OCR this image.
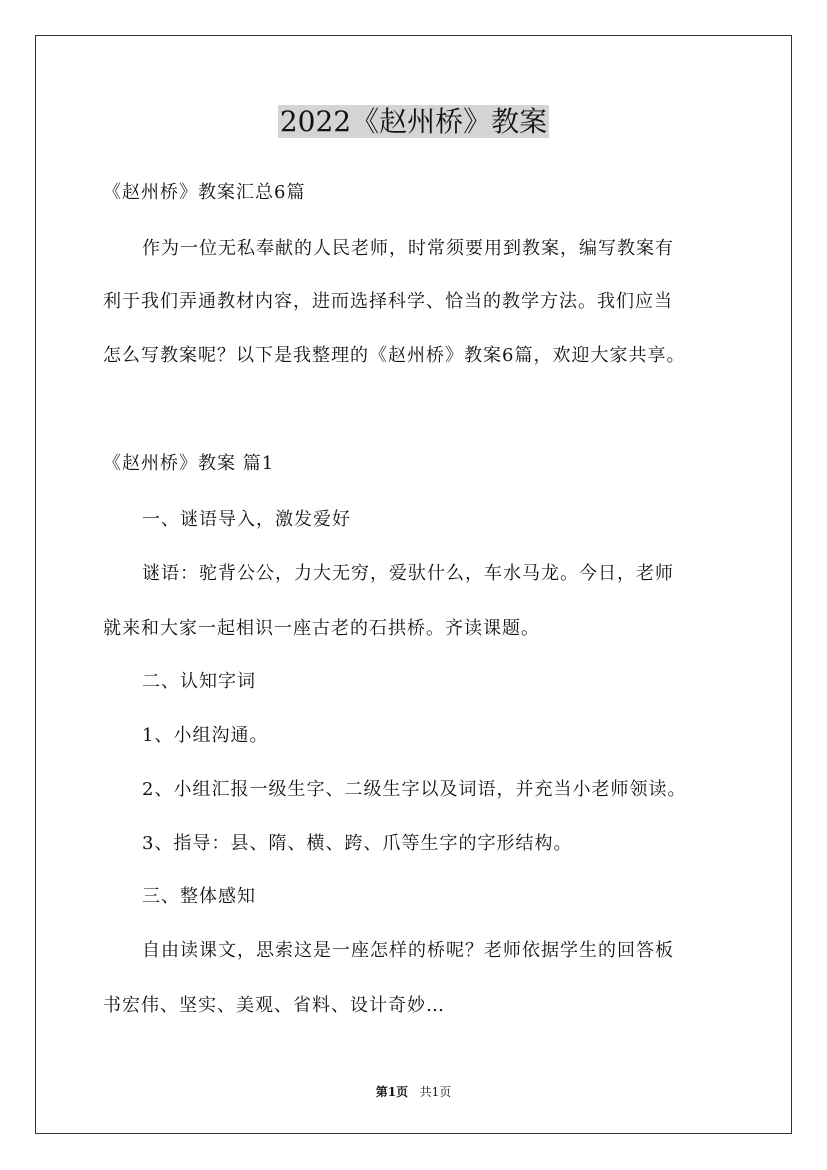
2022《赵州桥》教案
《赵州桥》教案汇总6篇
作为一位无私奉献的人民老师，时常须要用到教案，编写教案有
利于我们弄通教材内容，进而选择科学、恰当的教学方法。我们应当
怎么写教案呢？以下是我整理的《赵州桥》教案6篇，欢迎大家共享。
《赵州桥》教案 篇1
一、谜语导入，激发爱好
谜语：驼背公公，力大无穷，爱驮什么，车水马龙。今日，老师
就来和大家一起相识一座古老的石拱桥。齐读课题。
二、认知字词
1、小组沟通。
2、小组汇报一级生字、二级生字以及词语，并充当小老师领读。
3、指导：县、隋、横、跨、爪等生字的字形结构。
三、整体感知
自由读课文，思索这是一座怎样的桥呢？老师依据学生的回答板
书宏伟、坚实、美观、省料、设计奇妙…
第1页 共1页
